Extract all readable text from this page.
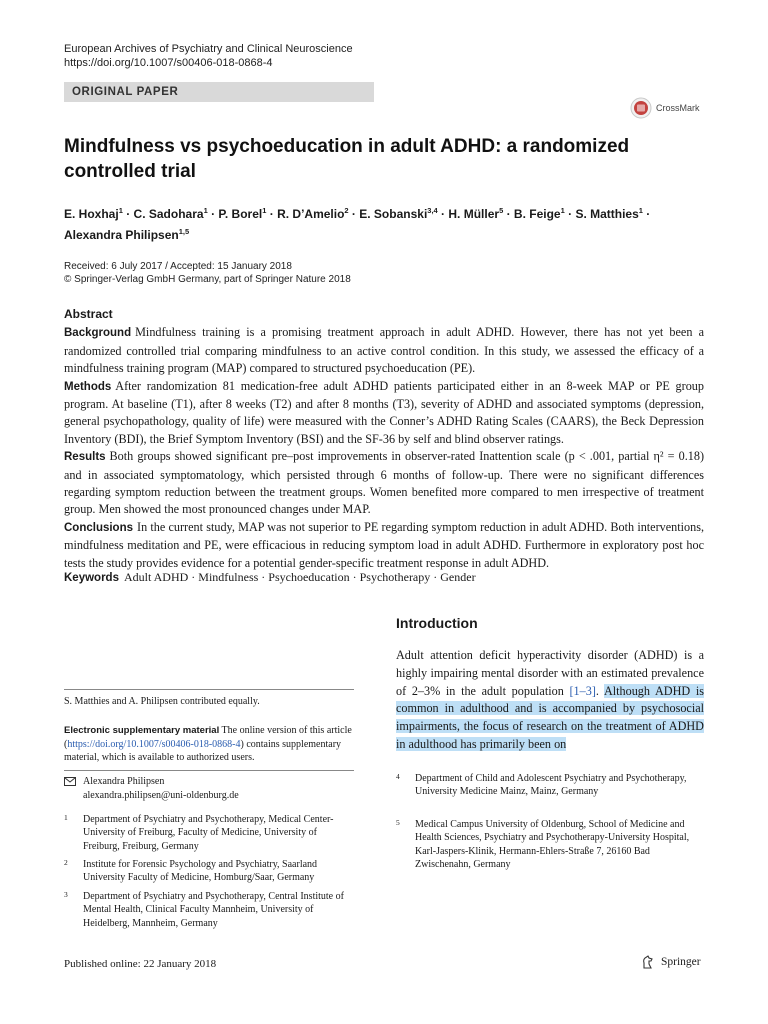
European Archives of Psychiatry and Clinical Neuroscience
https://doi.org/10.1007/s00406-018-0868-4
ORIGINAL PAPER
CrossMark
Mindfulness vs psychoeducation in adult ADHD: a randomized controlled trial
E. Hoxhaj$^1$ · C. Sadohara$^1$ · P. Borel$^1$ · R. D’Amelio$^2$ · E. Sobanski$^{3,4}$ · H. Müller$^5$ · B. Feige$^1$ · S. Matthies$^1$ ·
Alexandra Philipsen$^{1,5}$
Received: 6 July 2017 / Accepted: 15 January 2018
© Springer-Verlag GmbH Germany, part of Springer Nature 2018
Abstract

Background Mindfulness training is a promising treatment approach in adult ADHD. However, there has not yet been a randomized controlled trial comparing mindfulness to an active control condition. In this study, we assessed the efficacy of a mindfulness training program (MAP) compared to structured psychoeducation (PE).

Methods After randomization 81 medication-free adult ADHD patients participated either in an 8-week MAP or PE group program. At baseline (T1), after 8 weeks (T2) and after 8 months (T3), severity of ADHD and associated symptoms (depression, general psychopathology, quality of life) were measured with the Conner’s ADHD Rating Scales (CAARS), the Beck Depression Inventory (BDI), the Brief Symptom Inventory (BSI) and the SF-36 by self and blind observer ratings.

Results Both groups showed significant pre–post improvements in observer-rated Inattention scale (p < .001, partial η² = 0.18) and in associated symptomatology, which persisted through 6 months of follow-up. There were no significant differences regarding symptom reduction between the treatment groups. Women benefited more compared to men irrespective of treatment group. Men showed the most pronounced changes under MAP.

Conclusions In the current study, MAP was not superior to PE regarding symptom reduction in adult ADHD. Both interventions, mindfulness meditation and PE, were efficacious in reducing symptom load in adult ADHD. Furthermore in exploratory post hoc tests the study provides evidence for a potential gender-specific treatment response in adult ADHD.

Keywords Adult ADHD · Mindfulness · Psychoeducation · Psychotherapy · Gender
Introduction
Adult attention deficit hyperactivity disorder (ADHD) is a highly impairing mental disorder with an estimated prevalence of 2–3% in the adult population [1–3]. Although ADHD is common in adulthood and is accompanied by psychosocial impairments, the focus of research on the treatment of ADHD in adulthood has primarily been on
S. Matthies and A. Philipsen contributed equally.
Electronic supplementary material The online version of this article (https://doi.org/10.1007/s00406-018-0868-4) contains supplementary material, which is available to authorized users.
Alexandra Philipsen
alexandra.philipsen@uni-oldenburg.de
1 Department of Psychiatry and Psychotherapy, Medical Center-University of Freiburg, Faculty of Medicine, University of Freiburg, Freiburg, Germany
2 Institute for Forensic Psychology and Psychiatry, Saarland University Faculty of Medicine, Homburg/Saar, Germany
3 Department of Psychiatry and Psychotherapy, Central Institute of Mental Health, Clinical Faculty Mannheim, University of Heidelberg, Mannheim, Germany
4 Department of Child and Adolescent Psychiatry and Psychotherapy, University Medicine Mainz, Mainz, Germany
5 Medical Campus University of Oldenburg, School of Medicine and Health Sciences, Psychiatry and Psychotherapy-University Hospital, Karl-Jaspers-Klinik, Hermann-Ehlers-Straße 7, 26160 Bad Zwischenahn, Germany
Published online: 22 January 2018	Springer
